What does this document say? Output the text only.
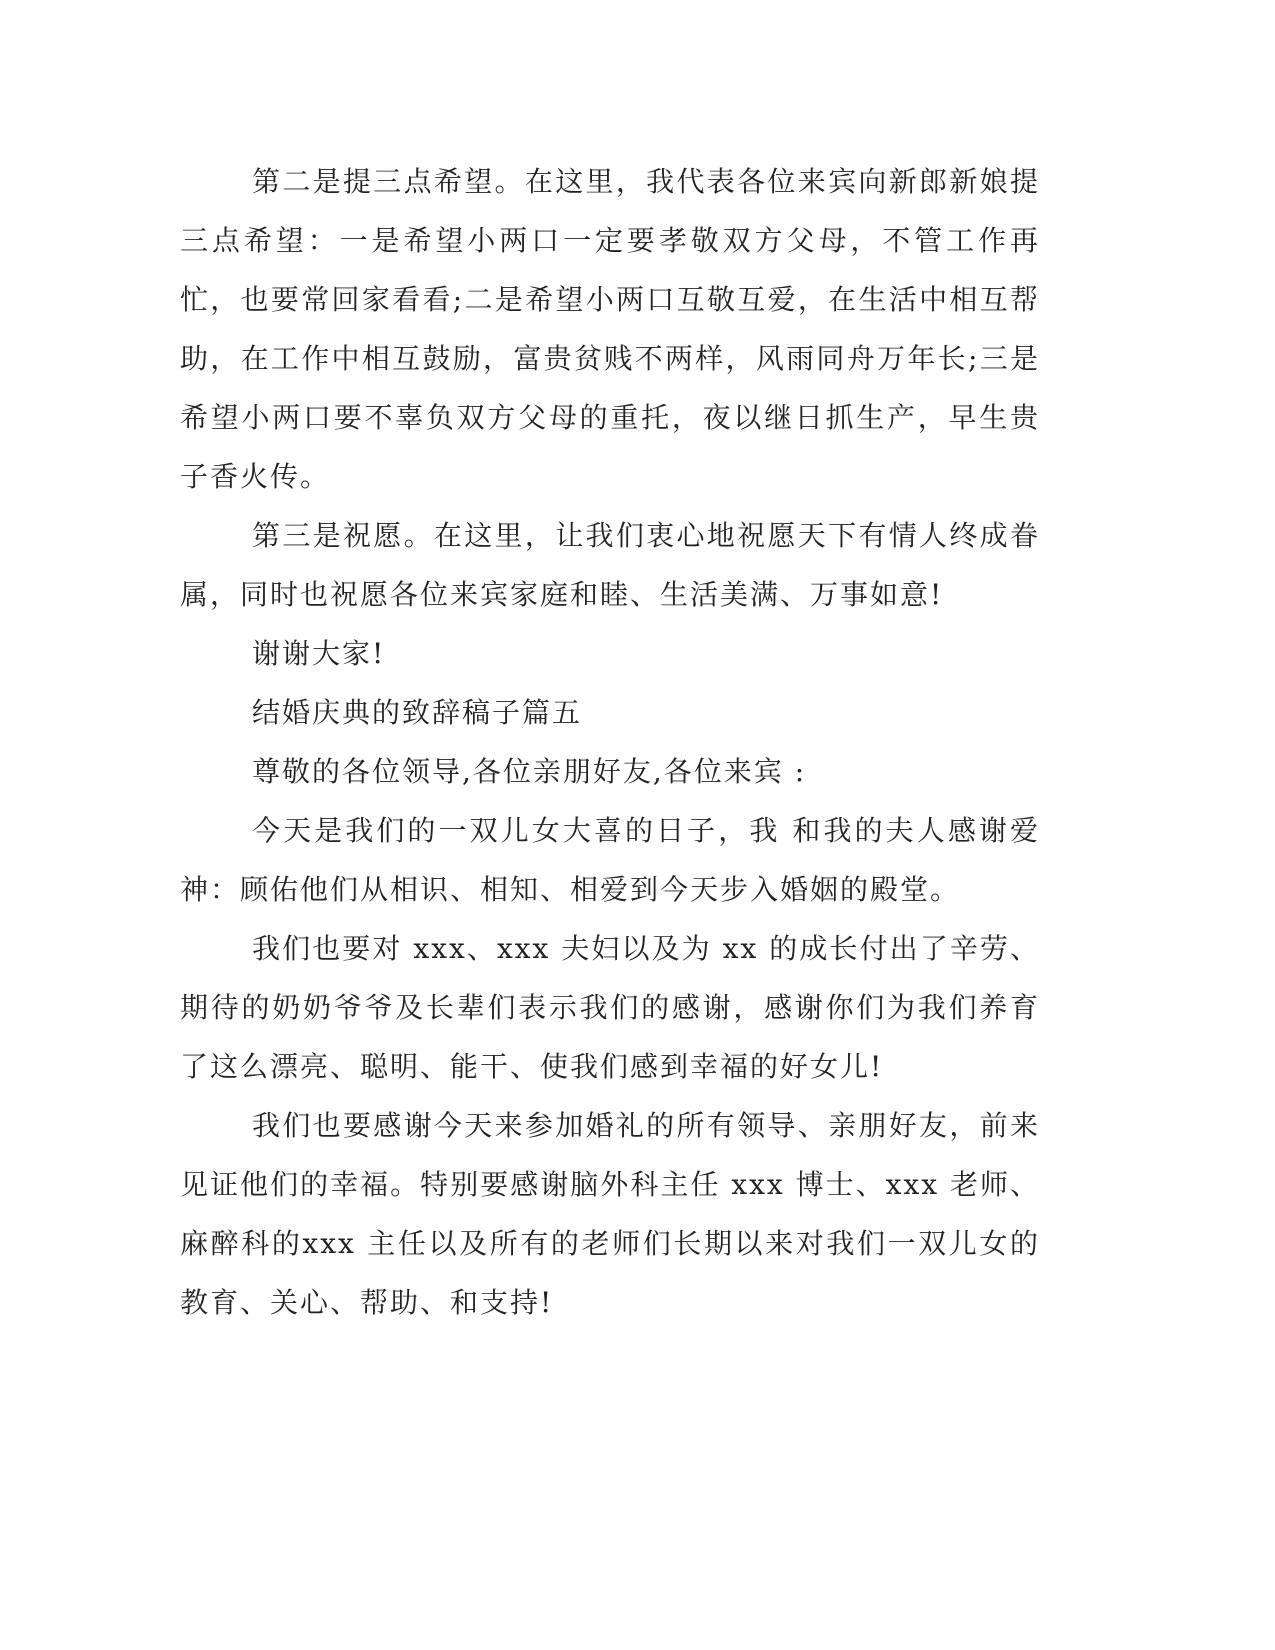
第二是提三点希望。在这里，我代表各位来宾向新郎新娘提三点希望：一是希望小两口一定要孝敬双方父母，不管工作再忙，也要常回家看看;二是希望小两口互敬互爱，在生活中相互帮助，在工作中相互鼓励，富贵贫贱不两样，风雨同舟万年长;三是希望小两口要不辜负双方父母的重托，夜以继日抓生产，早生贵子香火传。

第三是祝愿。在这里，让我们衷心地祝愿天下有情人终成眷属，同时也祝愿各位来宾家庭和睦、生活美满、万事如意!

谢谢大家!

结婚庆典的致辞稿子篇五

尊敬的各位领导,各位亲朋好友,各位来宾 :

今天是我们的一双儿女大喜的日子，我 和我的夫人感谢爱神：顾佑他们从相识、相知、相爱到今天步入婚姻的殿堂。

我们也要对 xxx、xxx 夫妇以及为 xx 的成长付出了辛劳、期待的奶奶爷爷及长辈们表示我们的感谢，感谢你们为我们养育了这么漂亮、聪明、能干、使我们感到幸福的好女儿!

我们也要感谢今天来参加婚礼的所有领导、亲朋好友，前来见证他们的幸福。特别要感谢脑外科主任 xxx 博士、xxx 老师、麻醉科的xxx 主任以及所有的老师们长期以来对我们一双儿女的教育、关心、帮助、和支持!
